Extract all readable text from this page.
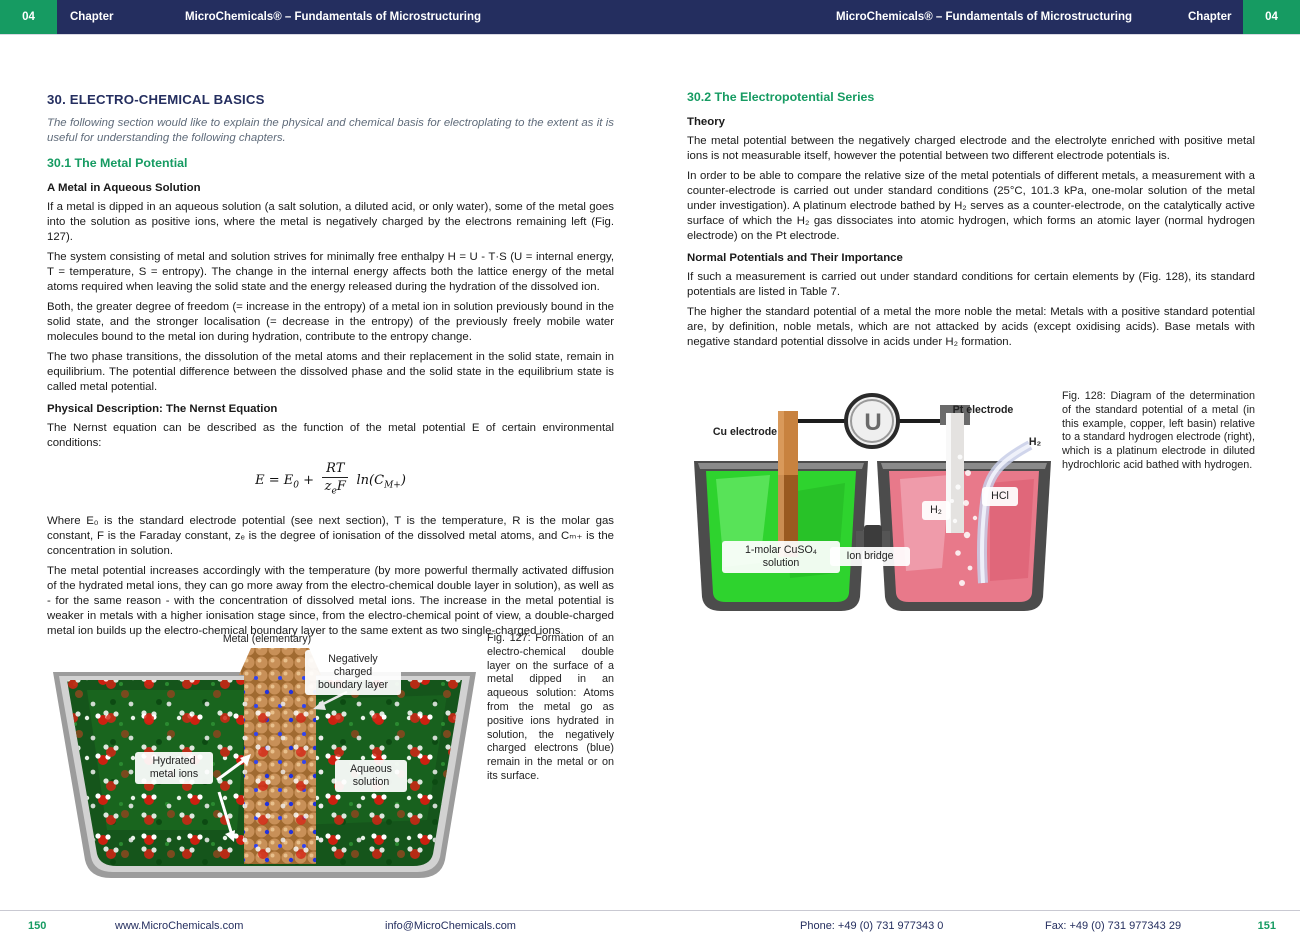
04	Chapter	MicroChemicals® – Fundamentals of Microstructuring	MicroChemicals® – Fundamentals of Microstructuring	Chapter	04
30. ELECTRO-CHEMICAL BASICS
The following section would like to explain the physical and chemical basis for electroplating to the extent as it is useful for understanding the following chapters.
30.1 The Metal Potential
A Metal in Aqueous Solution

If a metal is dipped in an aqueous solution (a salt solution, a diluted acid, or only water), some of the metal goes into the solution as positive ions, where the metal is negatively charged by the electrons remaining left (Fig. 127).

The system consisting of metal and solution strives for minimally free enthalpy H = U - T·S (U = internal energy, T = temperature, S = entropy). The change in the internal energy affects both the lattice energy of the metal atoms required when leaving the solid state and the energy released during the hydration of the dissolved ion.

Both, the greater degree of freedom (= increase in the entropy) of a metal ion in solution previously bound in the solid state, and the stronger localisation (= decrease in the entropy) of the previously freely mobile water molecules bound to the metal ion during hydration, contribute to the entropy change.

The two phase transitions, the dissolution of the metal atoms and their replacement in the solid state, remain in equilibrium. The potential difference between the dissolved phase and the solid state in the equilibrium state is called metal potential.

Physical Description: The Nernst Equation

The Nernst equation can be described as the function of the metal potential E of certain environmental conditions:

$E = E_0 + \frac{RT}{z_eF} \ln(C_{M+})$

Where E₀ is the standard electrode potential (see next section), T is the temperature, R is the molar gas constant, F is the Faraday constant, zₑ is the degree of ionisation of the dissolved metal atoms, and Cₘ₊ is the concentration in solution.

The metal potential increases accordingly with the temperature (by more powerful thermally activated diffusion of the hydrated metal ions, they can go more away from the electro-chemical double layer in solution), as well as - for the same reason - with the concentration of dissolved metal ions. The increase in the metal potential is weaker in metals with a higher ionisation stage since, from the electro-chemical point of view, a double-charged metal ion builds up the electro-chemical boundary layer to the same extent as two single-charged ions.

Metal (elementary)
Negatively charged boundary layer
Hydrated metal ions	Aqueous solution
Fig. 127: Formation of an electro-chemical double layer on the surface of a metal dipped in an aqueous solution: Atoms from the metal go as positive ions hydrated in solution, the negatively charged electrons (blue) remain in the metal or on its surface.
30.2 The Electropotential Series
Theory

The metal potential between the negatively charged electrode and the electrolyte enriched with positive metal ions is not measurable itself, however the potential between two different electrode potentials is.

In order to be able to compare the relative size of the metal potentials of different metals, a measurement with a counter-electrode is carried out under standard conditions (25°C, 101.3 kPa, one-molar solution of the metal under investigation). A platinum electrode bathed by H₂ serves as a counter-electrode, on the catalytically active surface of which the H₂ gas dissociates into atomic hydrogen, which forms an atomic layer (normal hydrogen electrode) on the Pt electrode.

Normal Potentials and Their Importance

If such a measurement is carried out under standard conditions for certain elements by (Fig. 128), its standard potentials are listed in Table 7.

The higher the standard potential of a metal the more noble the metal: Metals with a positive standard potential are, by definition, noble metals, which are not attacked by acids (except oxidising acids). Base metals with negative standard potential dissolve in acids under H₂ formation.

U
Cu electrode
Pt electrode
H₂
H₂
HCl
1-molar CuSO₄ solution
Ion bridge
Fig. 128: Diagram of the determination of the standard potential of a metal (in this example, copper, left basin) relative to a standard hydrogen electrode (right), which is a platinum electrode in diluted hydrochloric acid bathed with hydrogen.
150	www.MicroChemicals.com	info@MicroChemicals.com	Phone: +49 (0) 731 977343 0	Fax: +49 (0) 731 977343 29	151
